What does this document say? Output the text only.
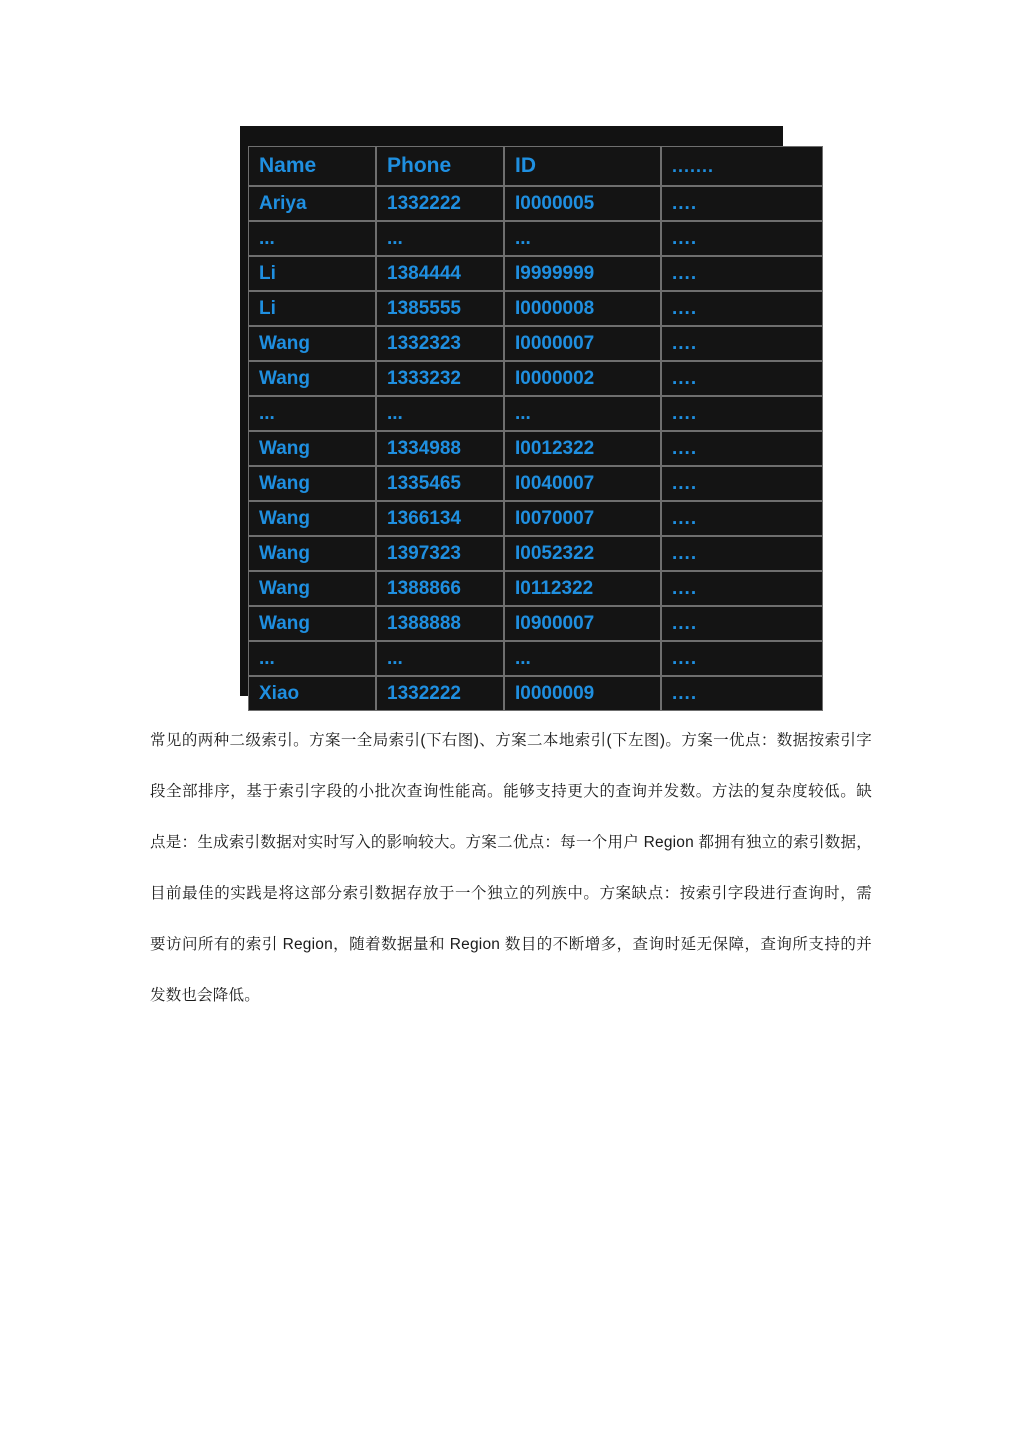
Name	Phone	ID	.......
Ariya	1332222	I0000005	....
...	...	...	....
Li	1384444	I9999999	....
Li	1385555	I0000008	....
Wang	1332323	I0000007	....
Wang	1333232	I0000002	....
...	...	...	....
Wang	1334988	I0012322	....
Wang	1335465	I0040007	....
Wang	1366134	I0070007	....
Wang	1397323	I0052322	....
Wang	1388866	I0112322	....
Wang	1388888	I0900007	....
...	...	...	....
Xiao	1332222	I0000009	....

常见的两种二级索引。方案一全局索引(下右图)、方案二本地索引(下左图)。方案一优点：数据按索引字段全部排序，基于索引字段的小批次查询性能高。能够支持更大的查询并发数。方法的复杂度较低。缺点是：生成索引数据对实时写入的影响较大。方案二优点：每一个用户 Region 都拥有独立的索引数据，目前最佳的实践是将这部分索引数据存放于一个独立的列族中。方案缺点：按索引字段进行查询时，需要访问所有的索引 Region，随着数据量和 Region 数目的不断增多，查询时延无保障，查询所支持的并发数也会降低。
